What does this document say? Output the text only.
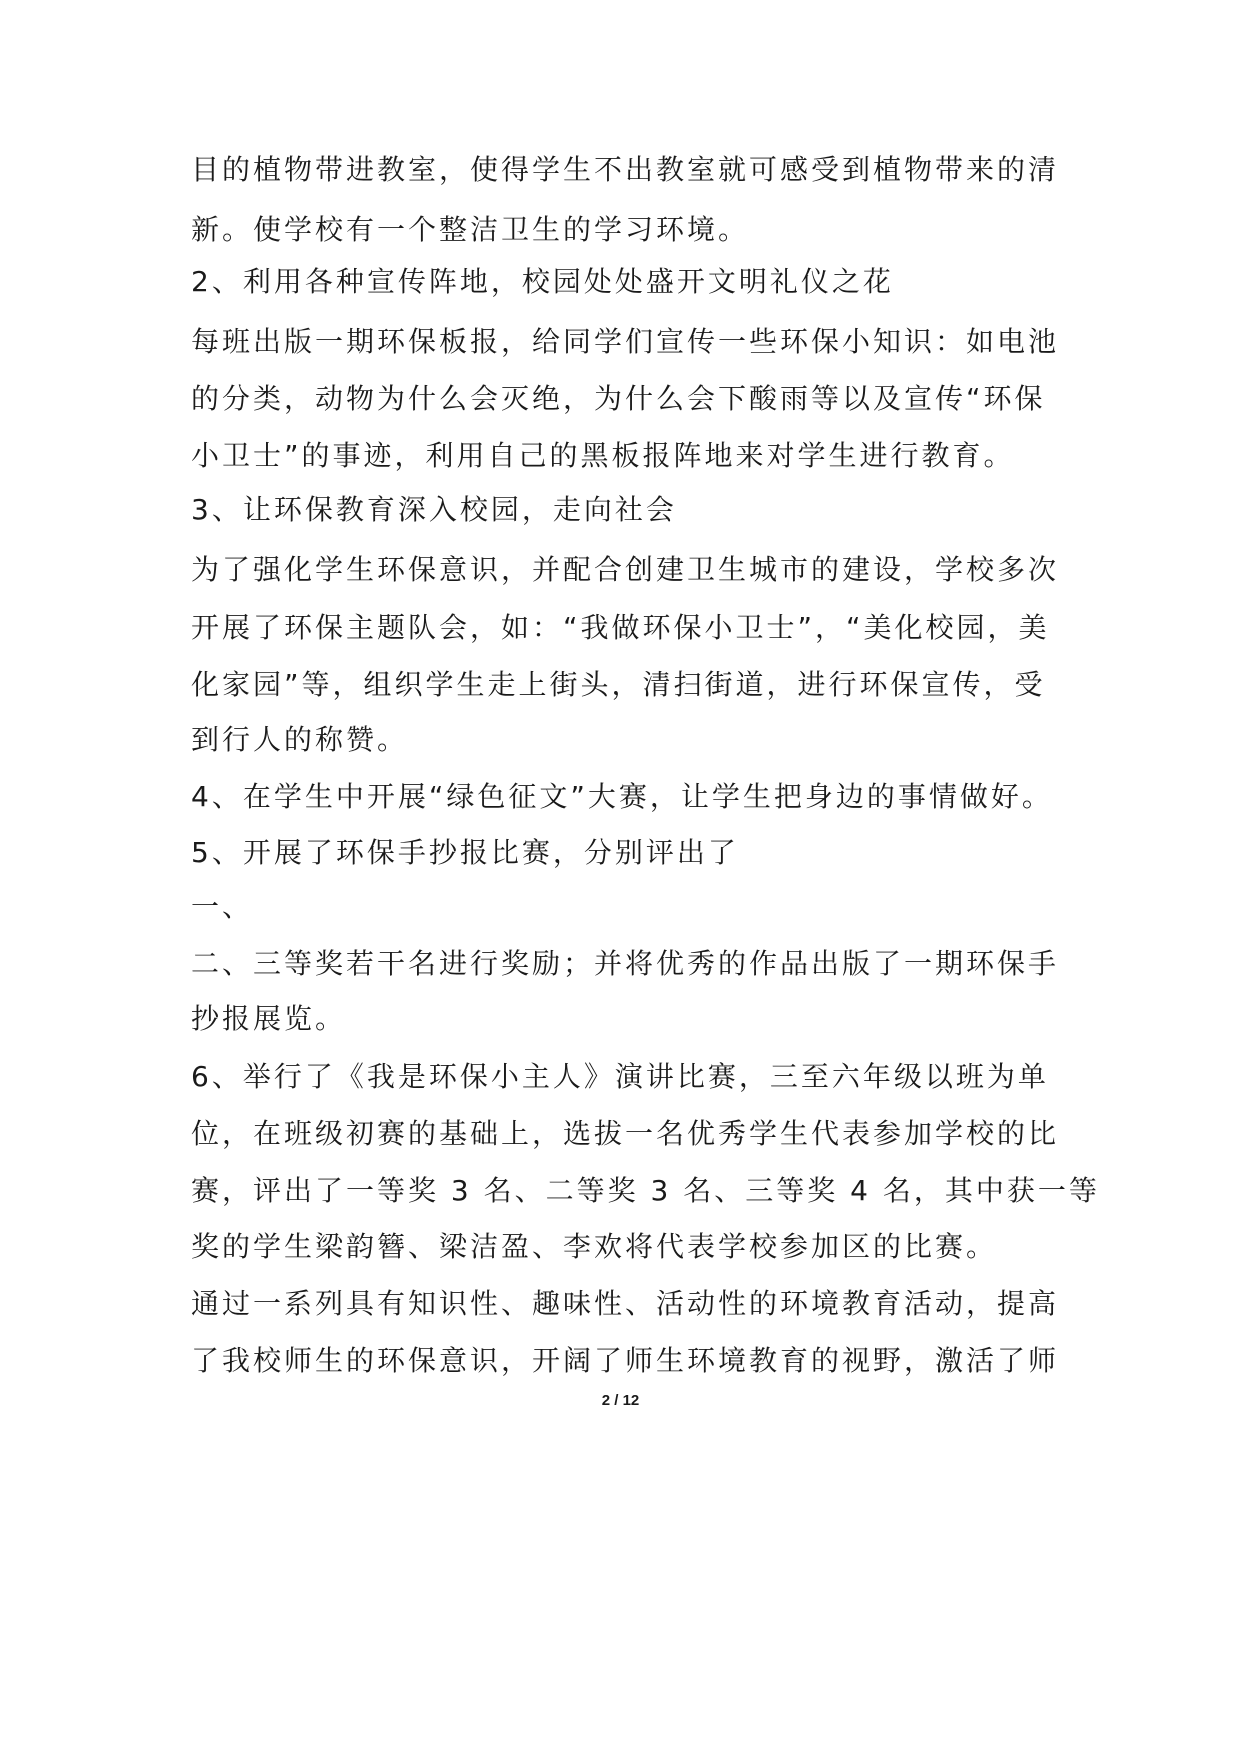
目的植物带进教室，使得学生不出教室就可感受到植物带来的清
新。使学校有一个整洁卫生的学习环境。
2、利用各种宣传阵地，校园处处盛开文明礼仪之花
每班出版一期环保板报，给同学们宣传一些环保小知识：如电池
的分类，动物为什么会灭绝，为什么会下酸雨等以及宣传“环保
小卫士”的事迹，利用自己的黑板报阵地来对学生进行教育。
3、让环保教育深入校园，走向社会
为了强化学生环保意识，并配合创建卫生城市的建设，学校多次
开展了环保主题队会，如：“我做环保小卫士”，“美化校园，美
化家园”等，组织学生走上街头，清扫街道，进行环保宣传，受
到行人的称赞。
4、在学生中开展“绿色征文”大赛，让学生把身边的事情做好。
5、开展了环保手抄报比赛，分别评出了
一、
二、三等奖若干名进行奖励；并将优秀的作品出版了一期环保手
抄报展览。
6、举行了《我是环保小主人》演讲比赛，三至六年级以班为单
位，在班级初赛的基础上，选拔一名优秀学生代表参加学校的比
赛，评出了一等奖 3 名、二等奖 3 名、三等奖 4 名，其中获一等
奖的学生梁韵簪、梁洁盈、李欢将代表学校参加区的比赛。
通过一系列具有知识性、趣味性、活动性的环境教育活动，提高
了我校师生的环保意识，开阔了师生环境教育的视野，激活了师
2 / 12
